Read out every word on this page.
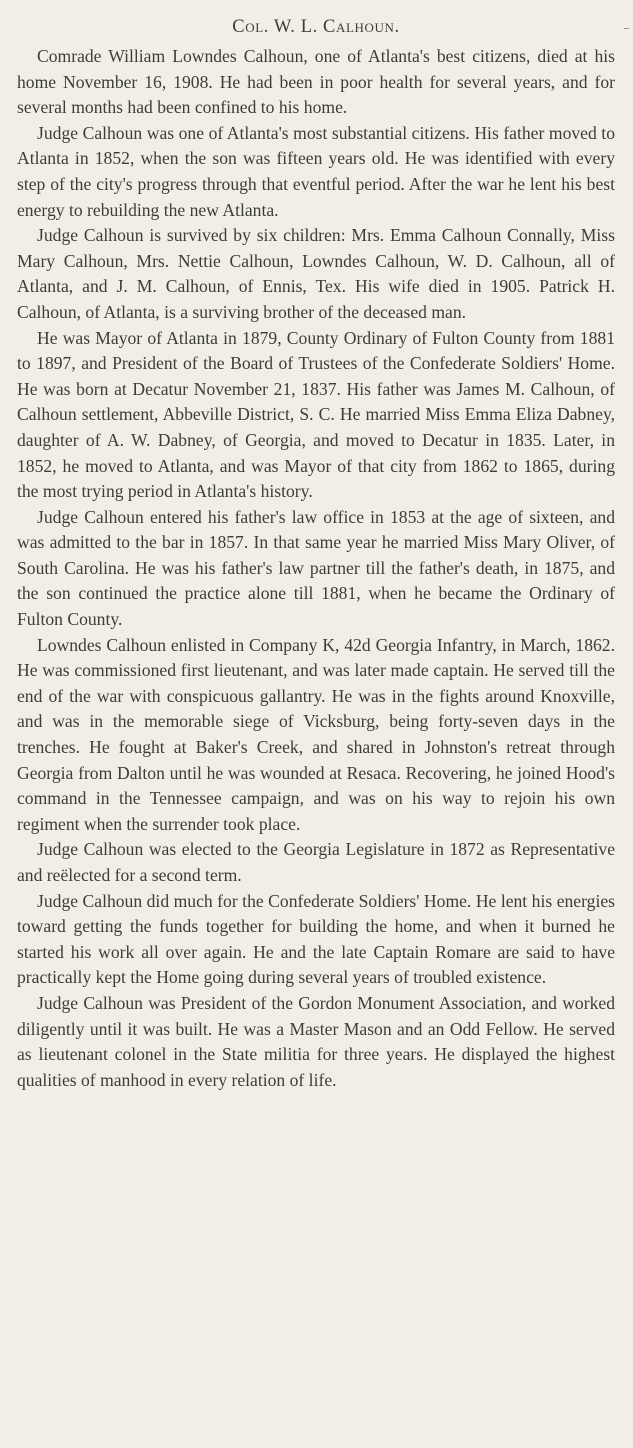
Col. W. L. Calhoun.

Comrade William Lowndes Calhoun, one of Atlanta's best citizens, died at his home November 16, 1908. He had been in poor health for several years, and for several months had been confined to his home.

Judge Calhoun was one of Atlanta's most substantial citizens. His father moved to Atlanta in 1852, when the son was fifteen years old. He was identified with every step of the city's progress through that eventful period. After the war he lent his best energy to rebuilding the new Atlanta.

Judge Calhoun is survived by six children: Mrs. Emma Calhoun Connally, Miss Mary Calhoun, Mrs. Nettie Calhoun, Lowndes Calhoun, W. D. Calhoun, all of Atlanta, and J. M. Calhoun, of Ennis, Tex. His wife died in 1905. Patrick H. Calhoun, of Atlanta, is a surviving brother of the deceased man.

He was Mayor of Atlanta in 1879, County Ordinary of Fulton County from 1881 to 1897, and President of the Board of Trustees of the Confederate Soldiers' Home. He was born at Decatur November 21, 1837. His father was James M. Calhoun, of Calhoun settlement, Abbeville District, S. C. He married Miss Emma Eliza Dabney, daughter of A. W. Dabney, of Georgia, and moved to Decatur in 1835. Later, in 1852, he moved to Atlanta, and was Mayor of that city from 1862 to 1865, during the most trying period in Atlanta's history.

Judge Calhoun entered his father's law office in 1853 at the age of sixteen, and was admitted to the bar in 1857. In that same year he married Miss Mary Oliver, of South Carolina. He was his father's law partner till the father's death, in 1875, and the son continued the practice alone till 1881, when he became the Ordinary of Fulton County.

Lowndes Calhoun enlisted in Company K, 42d Georgia Infantry, in March, 1862. He was commissioned first lieutenant, and was later made captain. He served till the end of the war with conspicuous gallantry. He was in the fights around Knoxville, and was in the memorable siege of Vicksburg, being forty-seven days in the trenches. He fought at Baker's Creek, and shared in Johnston's retreat through Georgia from Dalton until he was wounded at Resaca. Recovering, he joined Hood's command in the Tennessee campaign, and was on his way to rejoin his own regiment when the surrender took place.

Judge Calhoun was elected to the Georgia Legislature in 1872 as Representative and reëlected for a second term.

Judge Calhoun did much for the Confederate Soldiers' Home. He lent his energies toward getting the funds together for building the home, and when it burned he started his work all over again. He and the late Captain Romare are said to have practically kept the Home going during several years of troubled existence.

Judge Calhoun was President of the Gordon Monument Association, and worked diligently until it was built. He was a Master Mason and an Odd Fellow. He served as lieutenant colonel in the State militia for three years. He displayed the highest qualities of manhood in every relation of life.
